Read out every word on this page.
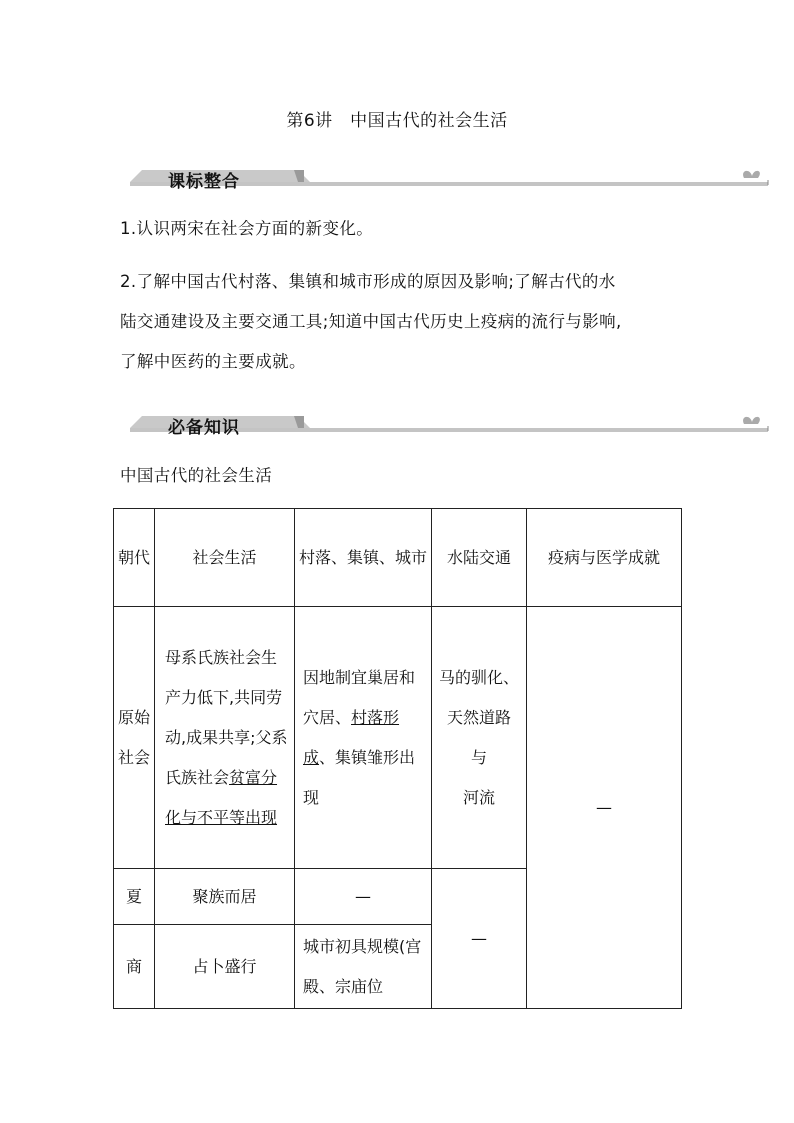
第6讲　中国古代的社会生活
课标整合
1.认识两宋在社会方面的新变化。
2.了解中国古代村落、集镇和城市形成的原因及影响;了解古代的水
陆交通建设及主要交通工具;知道中国古代历史上疫病的流行与影响,
了解中医药的主要成就。
必备知识
中国古代的社会生活
朝代	社会生活	村落、集镇、城市	水陆交通	疫病与医学成就
原始社会	母系氏族社会生产力低下,共同劳动,成果共享;父系氏族社会贫富分化与不平等出现	因地制宜巢居和穴居、村落形成、集镇雏形出现	马的驯化、
天然道路
与
河流	—
夏	聚族而居	—	—	
商	占卜盛行	城市初具规模(宫殿、宗庙位		
